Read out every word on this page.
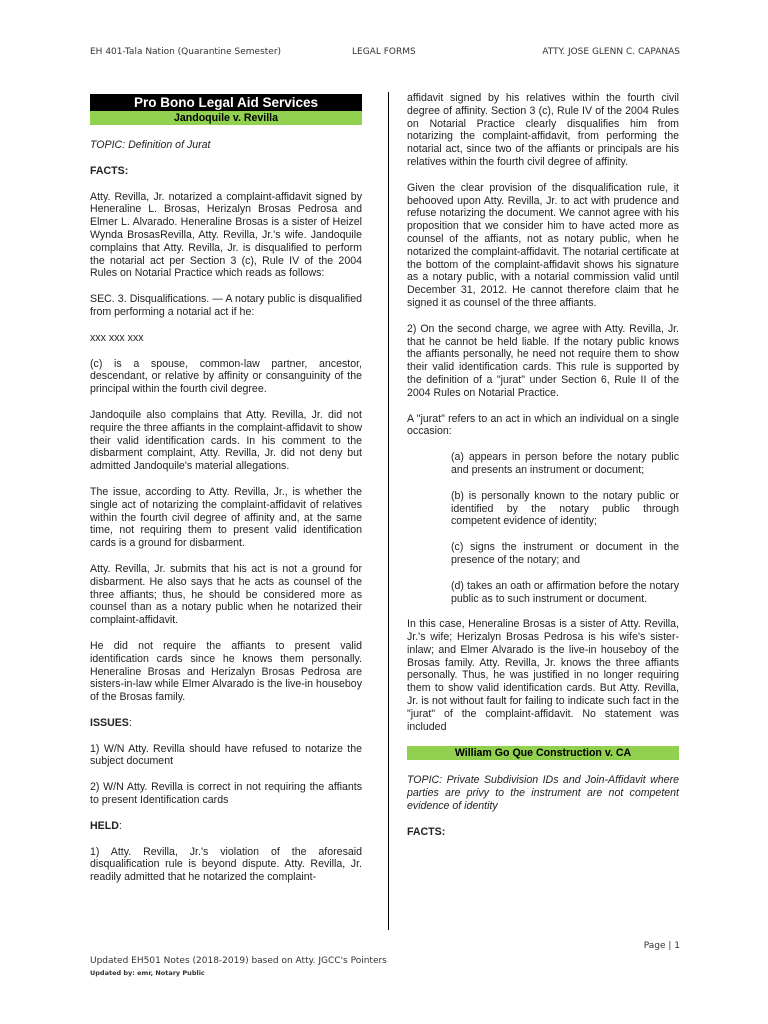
EH 401-Tala Nation (Quarantine Semester)	LEGAL FORMS	ATTY. JOSE GLENN C. CAPANAS
Pro Bono Legal Aid Services
Jandoquile v. Revilla

TOPIC: Definition of Jurat

FACTS:

Atty. Revilla, Jr. notarized a complaint-affidavit signed by Heneraline L. Brosas, Herizalyn Brosas Pedrosa and Elmer L. Alvarado. Heneraline Brosas is a sister of Heizel Wynda BrosasRevilla, Atty. Revilla, Jr.'s wife. Jandoquile complains that Atty. Revilla, Jr. is disqualified to perform the notarial act per Section 3 (c), Rule IV of the 2004 Rules on Notarial Practice which reads as follows:

SEC. 3. Disqualifications. — A notary public is disqualified from performing a notarial act if he:

xxx xxx xxx

(c) is a spouse, common-law partner, ancestor, descendant, or relative by affinity or consanguinity of the principal within the fourth civil degree.

Jandoquile also complains that Atty. Revilla, Jr. did not require the three affiants in the complaint-affidavit to show their valid identification cards. In his comment to the disbarment complaint, Atty. Revilla, Jr. did not deny but admitted Jandoquile's material allegations.

The issue, according to Atty. Revilla, Jr., is whether the single act of notarizing the complaint-affidavit of relatives within the fourth civil degree of affinity and, at the same time, not requiring them to present valid identification cards is a ground for disbarment.

Atty. Revilla, Jr. submits that his act is not a ground for disbarment. He also says that he acts as counsel of the three affiants; thus, he should be considered more as counsel than as a notary public when he notarized their complaint-affidavit.

He did not require the affiants to present valid identification cards since he knows them personally. Heneraline Brosas and Herizalyn Brosas Pedrosa are sisters-in-law while Elmer Alvarado is the live-in houseboy of the Brosas family.

ISSUES:

1) W/N Atty. Revilla should have refused to notarize the subject document

2) W/N Atty. Revilla is correct in not requiring the affiants to present Identification cards

HELD:

1) Atty. Revilla, Jr.'s violation of the aforesaid disqualification rule is beyond dispute. Atty. Revilla, Jr. readily admitted that he notarized the complaint-

affidavit signed by his relatives within the fourth civil degree of affinity. Section 3 (c), Rule IV of the 2004 Rules on Notarial Practice clearly disqualifies him from notarizing the complaint-affidavit, from performing the notarial act, since two of the affiants or principals are his relatives within the fourth civil degree of affinity.

Given the clear provision of the disqualification rule, it behooved upon Atty. Revilla, Jr. to act with prudence and refuse notarizing the document. We cannot agree with his proposition that we consider him to have acted more as counsel of the affiants, not as notary public, when he notarized the complaint-affidavit. The notarial certificate at the bottom of the complaint-affidavit shows his signature as a notary public, with a notarial commission valid until December 31, 2012. He cannot therefore claim that he signed it as counsel of the three affiants.

2) On the second charge, we agree with Atty. Revilla, Jr. that he cannot be held liable. If the notary public knows the affiants personally, he need not require them to show their valid identification cards. This rule is supported by the definition of a "jurat" under Section 6, Rule II of the 2004 Rules on Notarial Practice.

A "jurat" refers to an act in which an individual on a single occasion:

(a) appears in person before the notary public and presents an instrument or document;

(b) is personally known to the notary public or identified by the notary public through competent evidence of identity;

(c) signs the instrument or document in the presence of the notary; and

(d) takes an oath or affirmation before the notary public as to such instrument or document.

In this case, Heneraline Brosas is a sister of Atty. Revilla, Jr.'s wife; Herizalyn Brosas Pedrosa is his wife's sister-inlaw; and Elmer Alvarado is the live-in houseboy of the Brosas family. Atty. Revilla, Jr. knows the three affiants personally. Thus, he was justified in no longer requiring them to show valid identification cards. But Atty. Revilla, Jr. is not without fault for failing to indicate such fact in the "jurat" of the complaint-affidavit. No statement was included

William Go Que Construction v. CA

TOPIC: Private Subdivision IDs and Join-Affidavit where parties are privy to the instrument are not competent evidence of identity

FACTS:

Page | 1
Updated EH501 Notes (2018-2019) based on Atty. JGCC's Pointers
Updated by: emr, Notary Public
